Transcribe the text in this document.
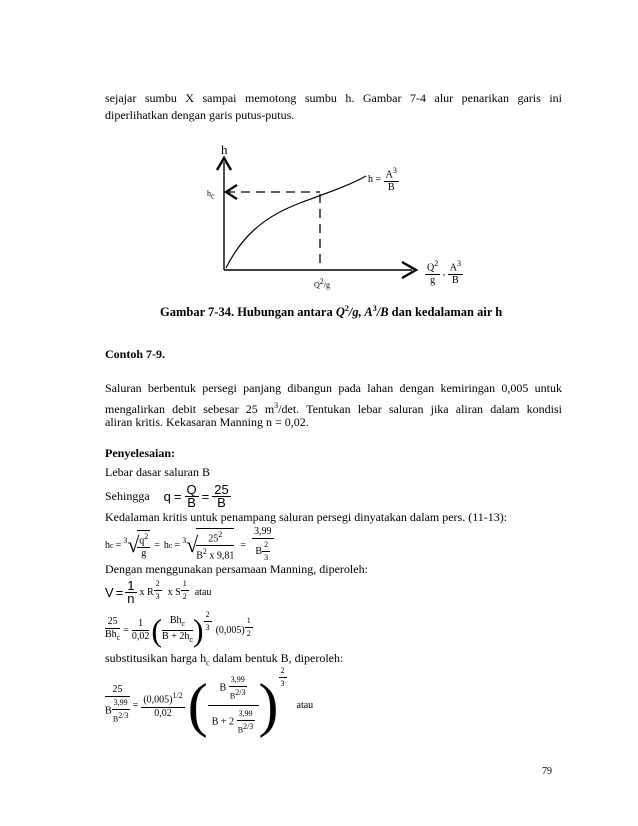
sejajar sumbu X sampai memotong sumbu h. Gambar 7-4 alur penarikan garis ini
diperlihatkan dengan garis putus-putus.
h
$h_c$
$h = \frac{A^3}{B}$
$Q^2/g$	$\frac{Q^2}{g}$ , $\frac{A^3}{B}$
Gambar 7-34. Hubungan antara $Q^2/g$, $A^3/B$ dan kedalaman air h
Contoh 7-9.
Saluran berbentuk persegi panjang dibangun pada lahan dengan kemiringan 0,005 untuk
mengalirkan debit sebesar 25 $m^3/\det$. Tentukan lebar saluran jika aliran dalam kondisi
aliran kritis. Kekasaran Manning n = 0,02.
Penyelesaian:
Lebar dasar saluran B
Sehingga $q = \frac{Q}{B} = \frac{25}{B}$
Kedalaman kritis untuk penampang saluran persegi dinyatakan dalam pers. (11-13):
h c = 3 √
$\frac{q^2}{g} = h$ c = 3 √
$\frac{25^2}{B^2 x 9,81} = \frac{3,99}{B \frac{2}{3}}$
Dengan menggunakan persamaan Manning, diperoleh:
$V = \frac{1}{n}$ x R $\frac{2}{3}$ x S $\frac{1}{2}$ atau
$\frac{25}{Bh_c} = \frac{1}{0,02}$ ( $\frac{Bh_c}{B + 2h_c}$ ) $\frac{2}{3} (0,005) \frac{1}{2}$
substitusikan harga $h_c$ dalam bentuk B, diperoleh:
$\frac{25}{B \frac{3,99}{B^{2/3}}} = \frac{(0,005)^{1/2}}{0,02}$ ( $\frac{B \frac{3,99}{B^{2/3}}}{B + 2 \frac{3,99}{B^{2/3}}}$ ) $\frac{2}{3}$
atau
79
